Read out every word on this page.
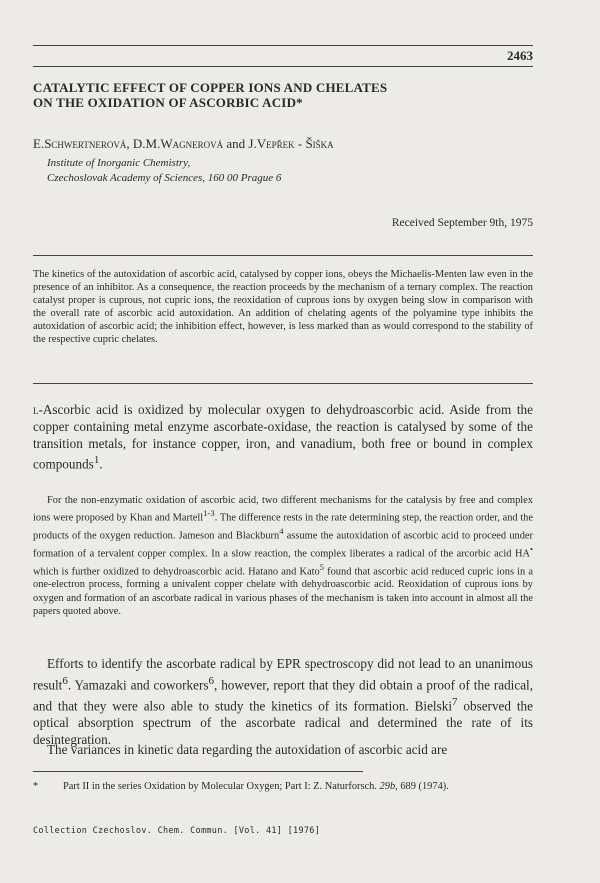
2463
CATALYTIC EFFECT OF COPPER IONS AND CHELATES
ON THE OXIDATION OF ASCORBIC ACID*
E.Schwertnerová, D.M.Wagnerová and J.Vepřek - Šiška
Institute of Inorganic Chemistry,
Czechoslovak Academy of Sciences, 160 00 Prague 6
Received September 9th, 1975
The kinetics of the autoxidation of ascorbic acid, catalysed by copper ions, obeys the Michaelis-Menten law even in the presence of an inhibitor. As a consequence, the reaction proceeds by the mechanism of a ternary complex. The reaction catalyst proper is cuprous, not cupric ions, the reoxidation of cuprous ions by oxygen being slow in comparison with the overall rate of ascorbic acid autoxidation. An addition of chelating agents of the polyamine type inhibits the autoxidation of ascorbic acid; the inhibition effect, however, is less marked than as would correspond to the stability of the respective cupric chelates.
l-Ascorbic acid is oxidized by molecular oxygen to dehydroascorbic acid. Aside from the copper containing metal enzyme ascorbate-oxidase, the reaction is catalysed by some of the transition metals, for instance copper, iron, and vanadium, both free or bound in complex compounds$^1$.
For the non-enzymatic oxidation of ascorbic acid, two different mechanisms for the catalysis by free and complex ions were proposed by Khan and Martell$^{1-3}$. The difference rests in the rate determining step, the reaction order, and the products of the oxygen reduction. Jameson and Blackburn$^4$ assume the autoxidation of ascorbic acid to proceed under formation of a tervalent copper complex. In a slow reaction, the complex liberates a radical of the arcorbic acid HA• which is further oxidized to dehydroascorbic acid. Hatano and Kato$^5$ found that ascorbic acid reduced cupric ions in a one-electron process, forming a univalent copper chelate with dehydroascorbic acid. Reoxidation of cuprous ions by oxygen and formation of an ascorbate radical in various phases of the mechanism is taken into account in almost all the papers quoted above.
Efforts to identify the ascorbate radical by EPR spectroscopy did not lead to an unanimous result$^6$. Yamazaki and coworkers$^6$, however, report that they did obtain a proof of the radical, and that they were also able to study the kinetics of its formation. Bielski$^7$ observed the optical absorption spectrum of the ascorbate radical and determined the rate of its desintegration.
The variances in kinetic data regarding the autoxidation of ascorbic acid are
* Part II in the series Oxidation by Molecular Oxygen; Part I: Z. Naturforsch. 29b, 689 (1974).
Collection Czechoslov. Chem. Commun. [Vol. 41] [1976]
